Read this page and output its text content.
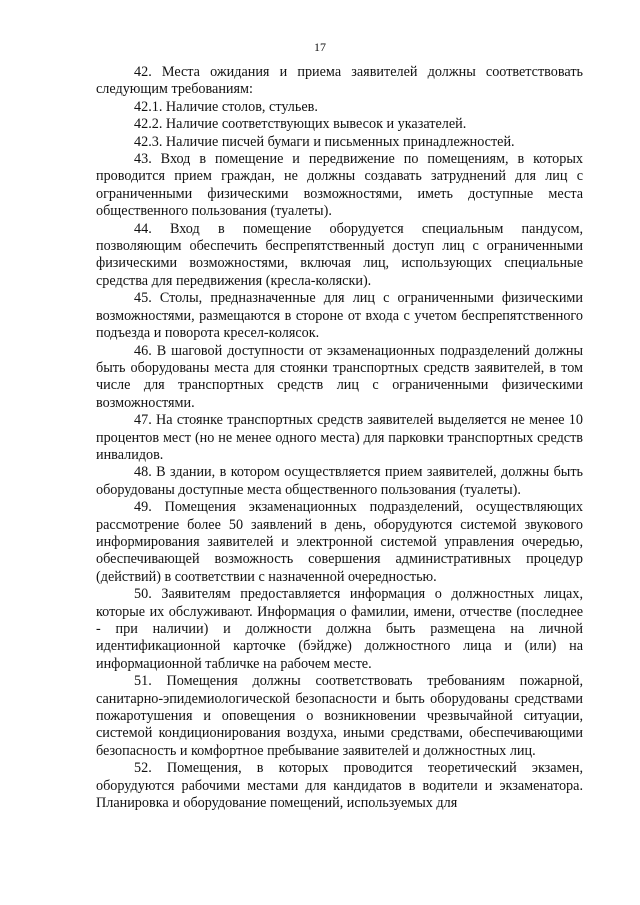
17

42. Места ожидания и приема заявителей должны соответствовать следующим требованиям:

42.1. Наличие столов, стульев.

42.2. Наличие соответствующих вывесок и указателей.

42.3. Наличие писчей бумаги и письменных принадлежностей.

43. Вход в помещение и передвижение по помещениям, в которых проводится прием граждан, не должны создавать затруднений для лиц с ограниченными физическими возможностями, иметь доступные места общественного пользования (туалеты).

44. Вход в помещение оборудуется специальным пандусом, позволяющим обеспечить беспрепятственный доступ лиц с ограниченными физическими возможностями, включая лиц, использующих специальные средства для передвижения (кресла-коляски).

45. Столы, предназначенные для лиц с ограниченными физическими возможностями, размещаются в стороне от входа с учетом беспрепятственного подъезда и поворота кресел-колясок.

46. В шаговой доступности от экзаменационных подразделений должны быть оборудованы места для стоянки транспортных средств заявителей, в том числе для транспортных средств лиц с ограниченными физическими возможностями.

47. На стоянке транспортных средств заявителей выделяется не менее 10 процентов мест (но не менее одного места) для парковки транспортных средств инвалидов.

48. В здании, в котором осуществляется прием заявителей, должны быть оборудованы доступные места общественного пользования (туалеты).

49. Помещения экзаменационных подразделений, осуществляющих рассмотрение более 50 заявлений в день, оборудуются системой звукового информирования заявителей и электронной системой управления очередью, обеспечивающей возможность совершения административных процедур (действий) в соответствии с назначенной очередностью.

50. Заявителям предоставляется информация о должностных лицах, которые их обслуживают. Информация о фамилии, имени, отчестве (последнее - при наличии) и должности должна быть размещена на личной идентификационной карточке (бэйдже) должностного лица и (или) на информационной табличке на рабочем месте.

51. Помещения должны соответствовать требованиям пожарной, санитарно-эпидемиологической безопасности и быть оборудованы средствами пожаротушения и оповещения о возникновении чрезвычайной ситуации, системой кондиционирования воздуха, иными средствами, обеспечивающими безопасность и комфортное пребывание заявителей и должностных лиц.

52. Помещения, в которых проводится теоретический экзамен, оборудуются рабочими местами для кандидатов в водители и экзаменатора. Планировка и оборудование помещений, используемых для
